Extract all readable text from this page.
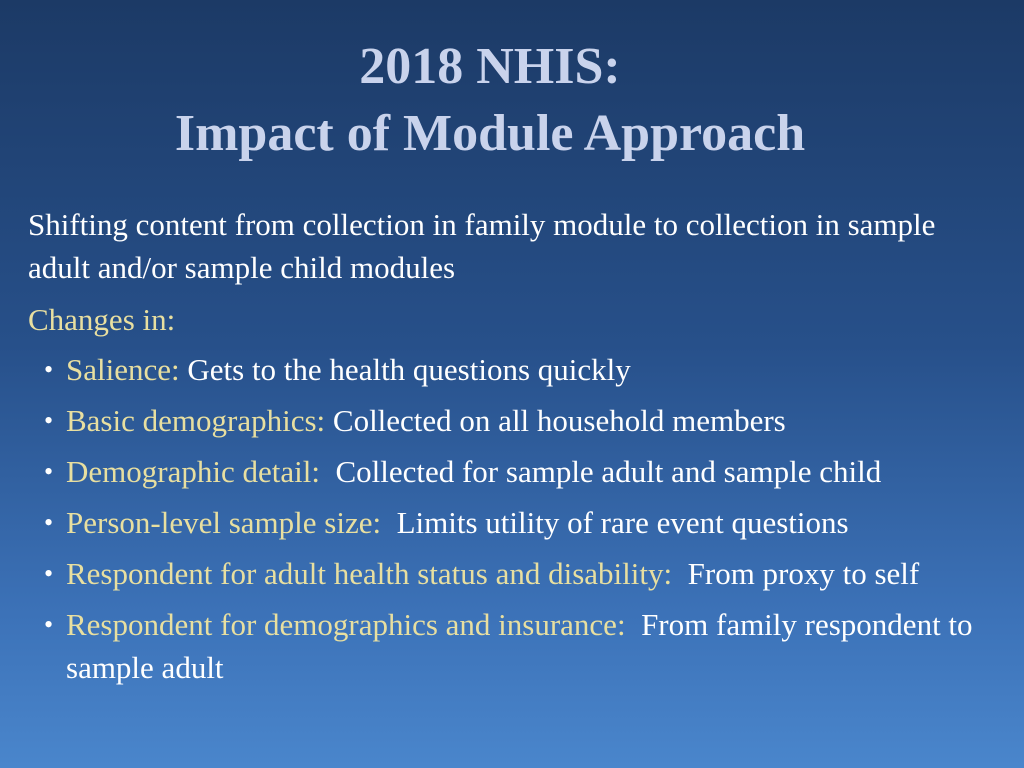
2018 NHIS:
Impact of Module Approach

Shifting content from collection in family module to collection in sample adult and/or sample child modules

Changes in:

• Salience: Gets to the health questions quickly
• Basic demographics: Collected on all household members
• Demographic detail: Collected for sample adult and sample child
• Person-level sample size: Limits utility of rare event questions
• Respondent for adult health status and disability: From proxy to self
• Respondent for demographics and insurance: From family respondent to sample adult
